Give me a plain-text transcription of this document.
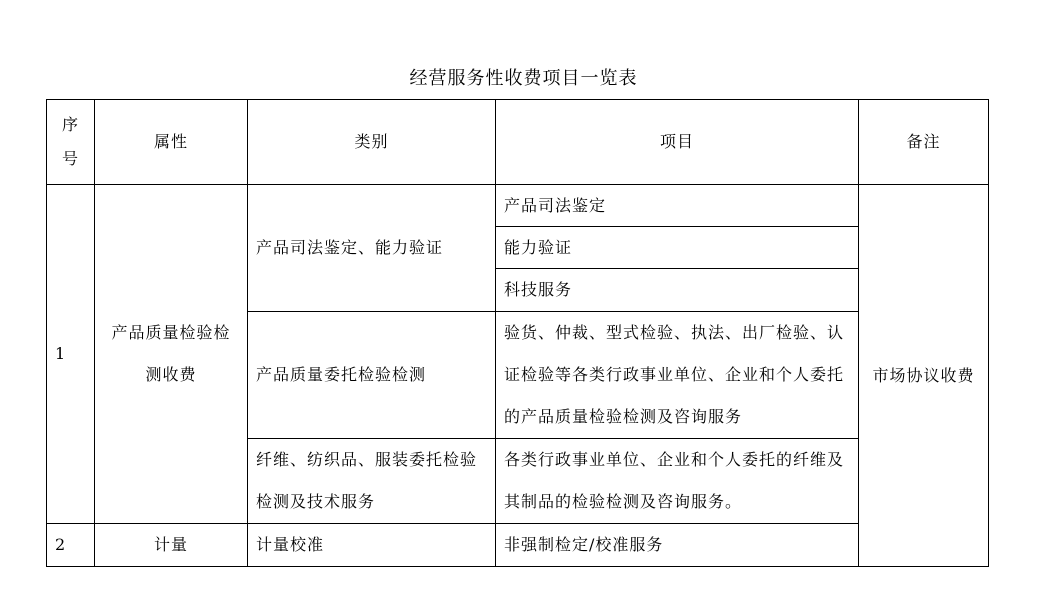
经营服务性收费项目一览表
序号	属性	类别	项目	备注
1	产品质量检验检测收费	产品司法鉴定、能力验证	产品司法鉴定	市场协议收费
			能力验证	
			科技服务	
		产品质量委托检验检测	验货、仲裁、型式检验、执法、出厂检验、认证检验等各类行政事业单位、企业和个人委托的产品质量检验检测及咨询服务	
		纤维、纺织品、服装委托检验检测及技术服务	各类行政事业单位、企业和个人委托的纤维及其制品的检验检测及咨询服务。	
2	计量	计量校准	非强制检定/校准服务	
